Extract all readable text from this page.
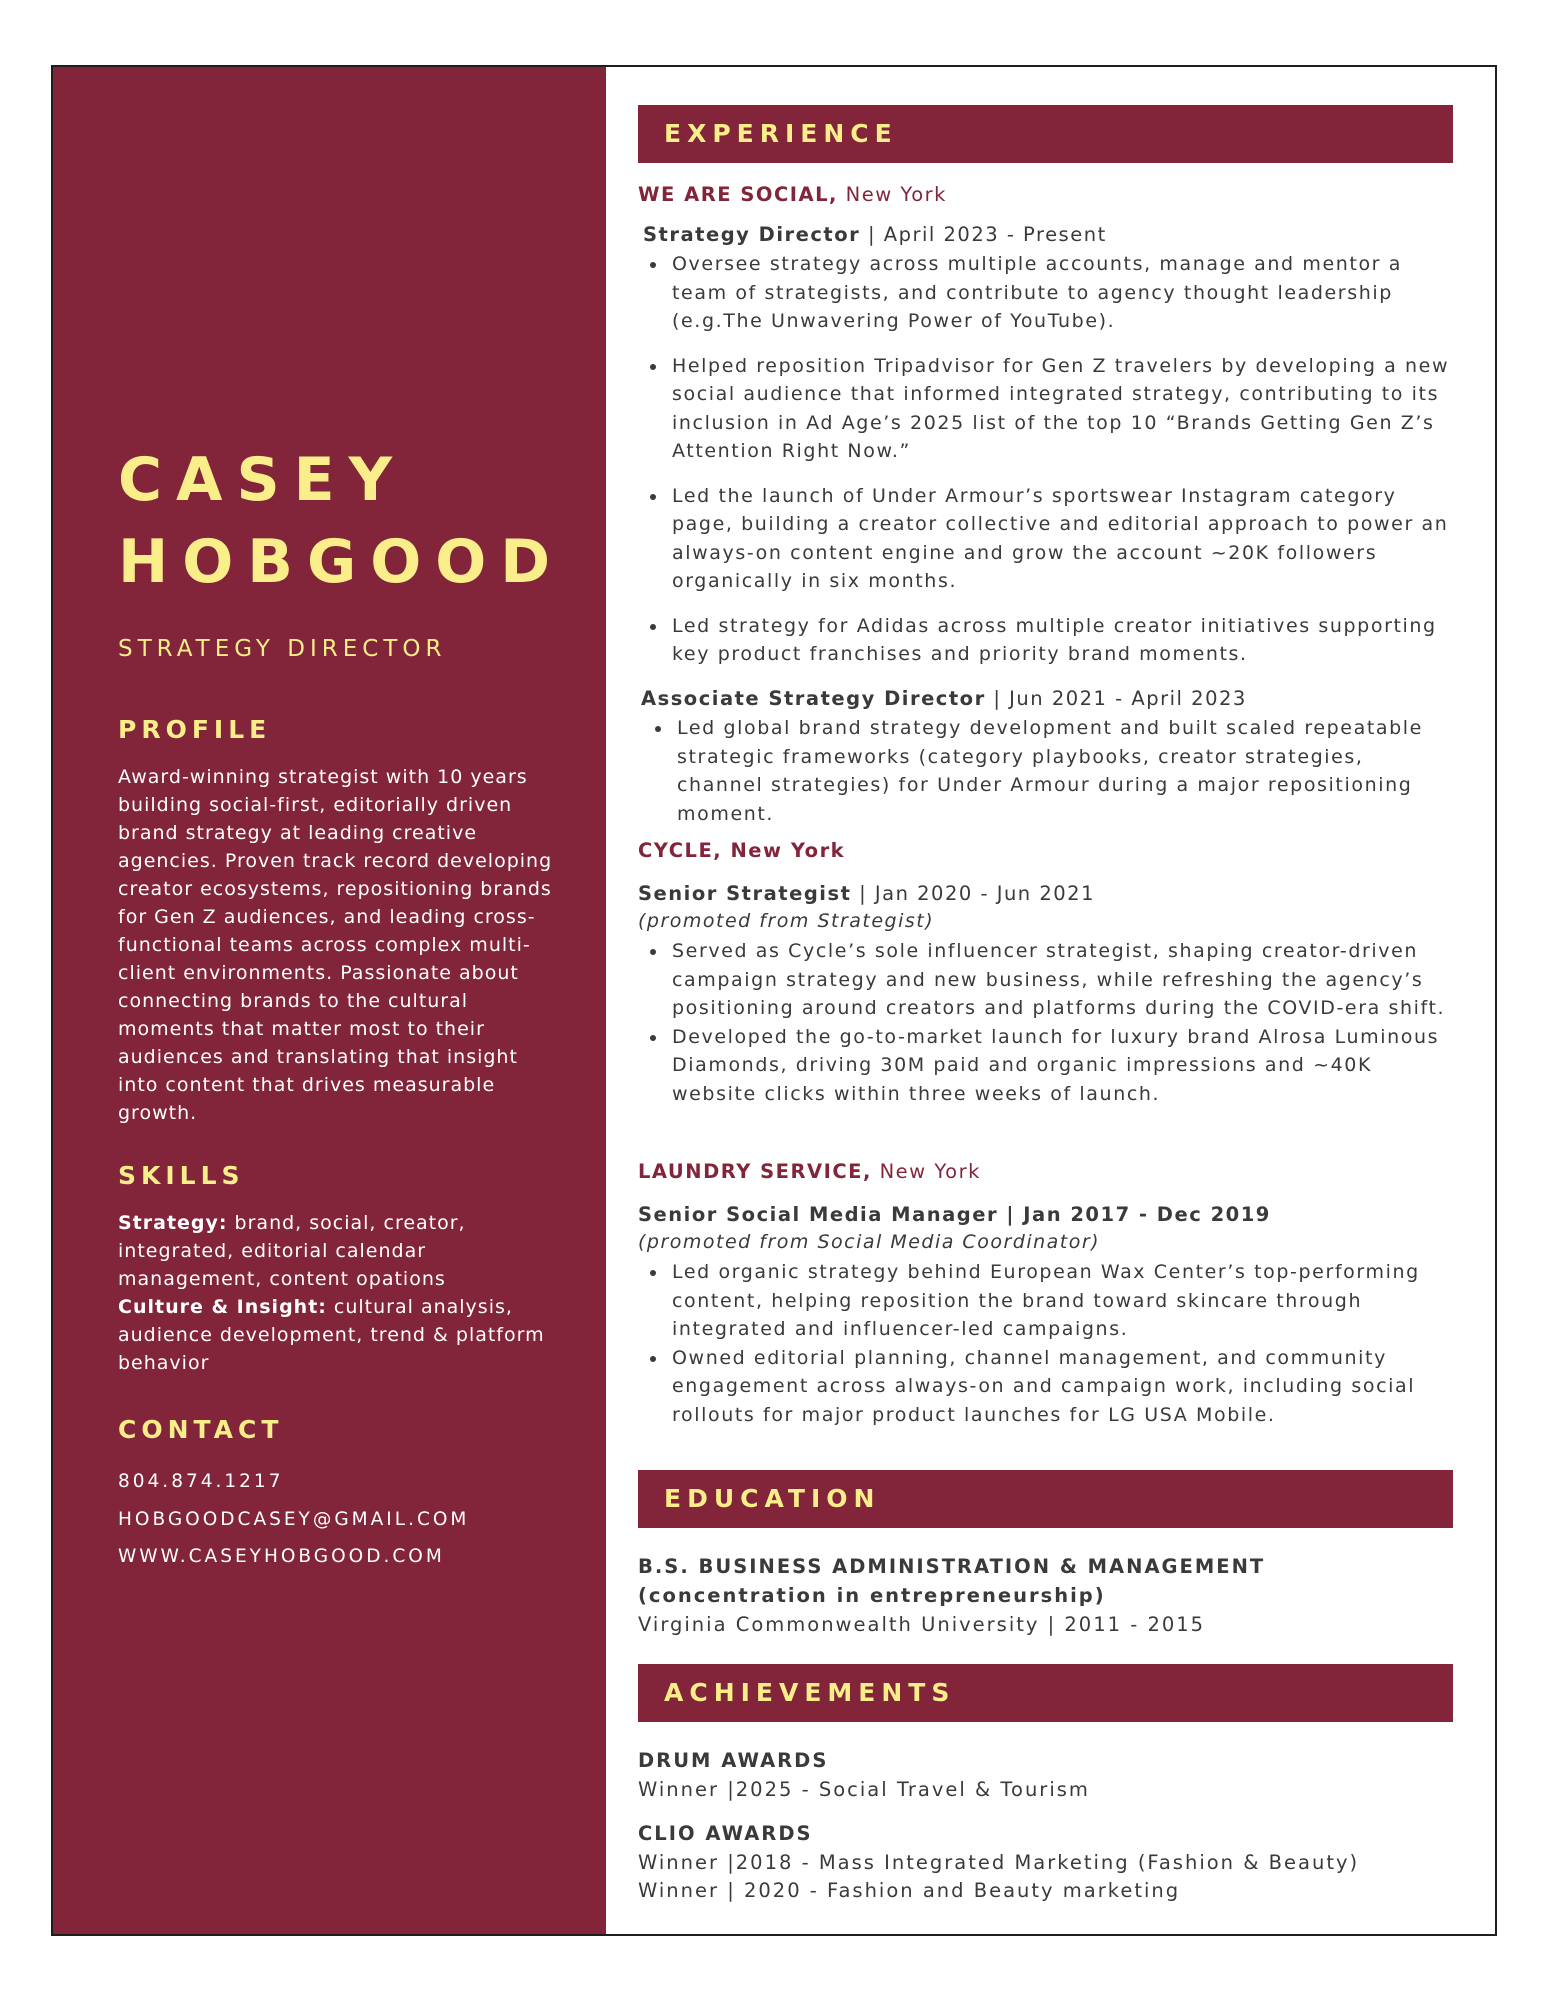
CASEY
HOBGOOD

STRATEGY DIRECTOR

PROFILE

Award-winning strategist with 10 years building social-first, editorially driven brand strategy at leading creative agencies. Proven track record developing creator ecosystems, repositioning brands for Gen Z audiences, and leading cross-functional teams across complex multi-client environments. Passionate about connecting brands to the cultural moments that matter most to their audiences and translating that insight into content that drives measurable growth.

SKILLS
Strategy: brand, social, creator, integrated, editorial calendar management, content opations
Culture & Insight: cultural analysis, audience development, trend & platform behavior
CONTACT

804.874.1217

HOBGOODCASEY@GMAIL.COM

WWW.CASEYHOBGOOD.COM

EXPERIENCE

WE ARE SOCIAL, New York

Strategy Director | April 2023 - Present

Oversee strategy across multiple accounts, manage and mentor a team of strategists, and contribute to agency thought leadership (e.g.The Unwavering Power of YouTube).
Helped reposition Tripadvisor for Gen Z travelers by developing a new social audience that informed integrated strategy, contributing to its inclusion in Ad Age’s 2025 list of the top 10 “Brands Getting Gen Z’s Attention Right Now.”
Led the launch of Under Armour’s sportswear Instagram category page, building a creator collective and editorial approach to power an always-on content engine and grow the account ~20K followers organically in six months.
Led strategy for Adidas across multiple creator initiatives supporting key product franchises and priority brand moments.

Associate Strategy Director | Jun 2021 - April 2023

Led global brand strategy development and built scaled repeatable strategic frameworks (category playbooks, creator strategies, channel strategies) for Under Armour during a major repositioning moment.

CYCLE, New York

Senior Strategist | Jan 2020 - Jun 2021

(promoted from Strategist)

Served as Cycle’s sole influencer strategist, shaping creator-driven campaign strategy and new business, while refreshing the agency’s positioning around creators and platforms during the COVID-era shift.
Developed the go-to-market launch for luxury brand Alrosa Luminous Diamonds, driving 30M paid and organic impressions and ~40K website clicks within three weeks of launch.

LAUNDRY SERVICE, New York

Senior Social Media Manager | Jan 2017 - Dec 2019

(promoted from Social Media Coordinator)

Led organic strategy behind European Wax Center’s top-performing content, helping reposition the brand toward skincare through integrated and influencer-led campaigns.
Owned editorial planning, channel management, and community engagement across always-on and campaign work, including social rollouts for major product launches for LG USA Mobile.
EDUCATION

B.S. BUSINESS ADMINISTRATION & MANAGEMENT

(concentration in entrepreneurship)

Virginia Commonwealth University | 2011 - 2015

ACHIEVEMENTS

DRUM AWARDS

Winner |2025 - Social Travel & Tourism

CLIO AWARDS

Winner |2018 - Mass Integrated Marketing (Fashion & Beauty)

Winner | 2020 - Fashion and Beauty marketing
